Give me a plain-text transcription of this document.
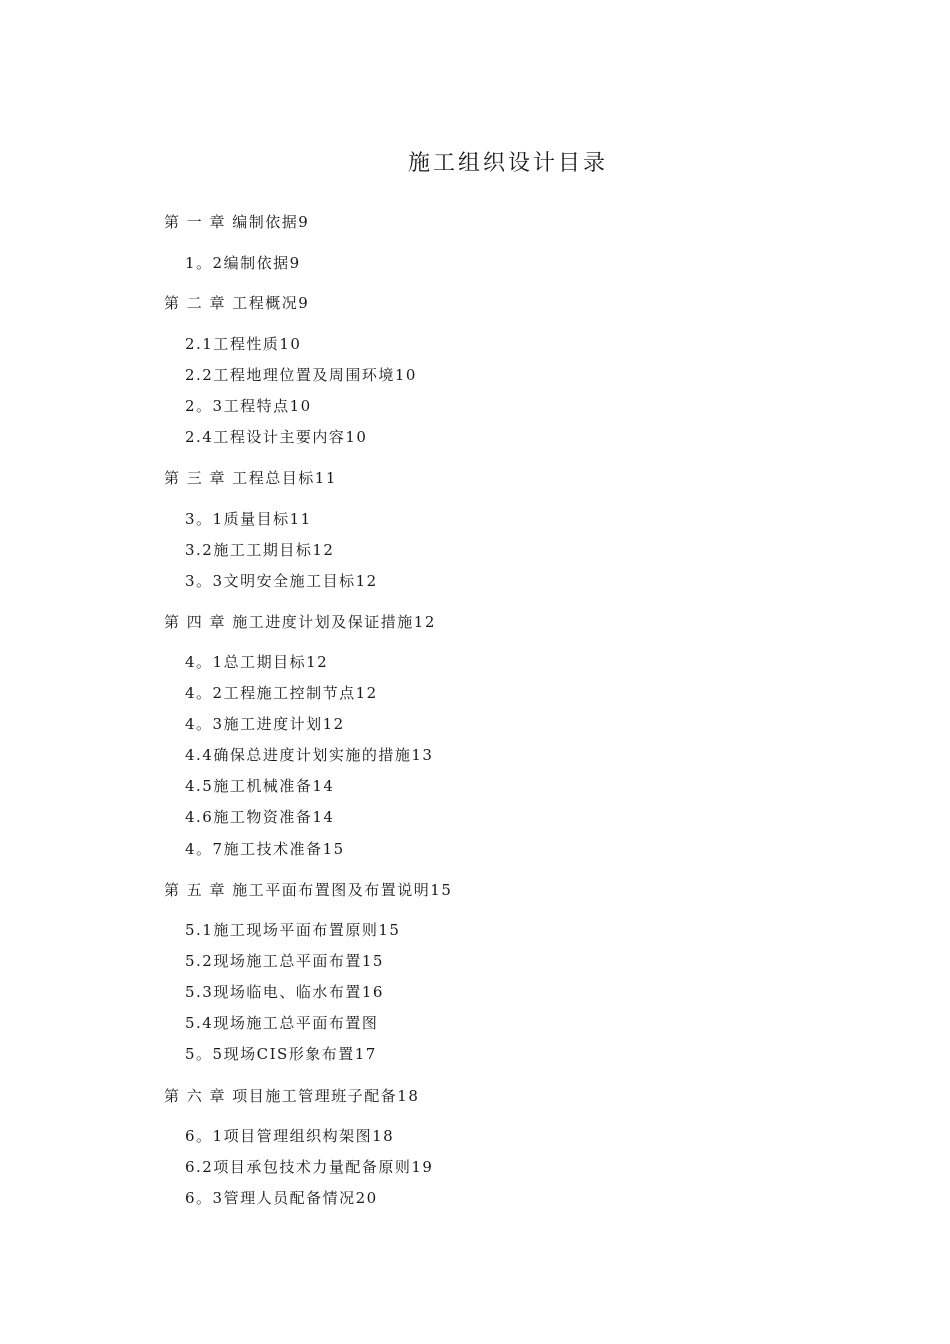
施工组织设计目录
第 一 章 编制依据9
1。2编制依据9
第 二 章 工程概况9
2.1工程性质10
2.2工程地理位置及周围环境10
2。3工程特点10
2.4工程设计主要内容10
第 三 章 工程总目标11
3。1质量目标11
3.2施工工期目标12
3。3文明安全施工目标12
第 四 章 施工进度计划及保证措施12
4。1总工期目标12
4。2工程施工控制节点12
4。3施工进度计划12
4.4确保总进度计划实施的措施13
4.5施工机械准备14
4.6施工物资准备14
4。7施工技术准备15
第 五 章 施工平面布置图及布置说明15
5.1施工现场平面布置原则15
5.2现场施工总平面布置15
5.3现场临电、临水布置16
5.4现场施工总平面布置图
5。5现场CIS形象布置17
第 六 章 项目施工管理班子配备18
6。1项目管理组织构架图18
6.2项目承包技术力量配备原则19
6。3管理人员配备情况20
